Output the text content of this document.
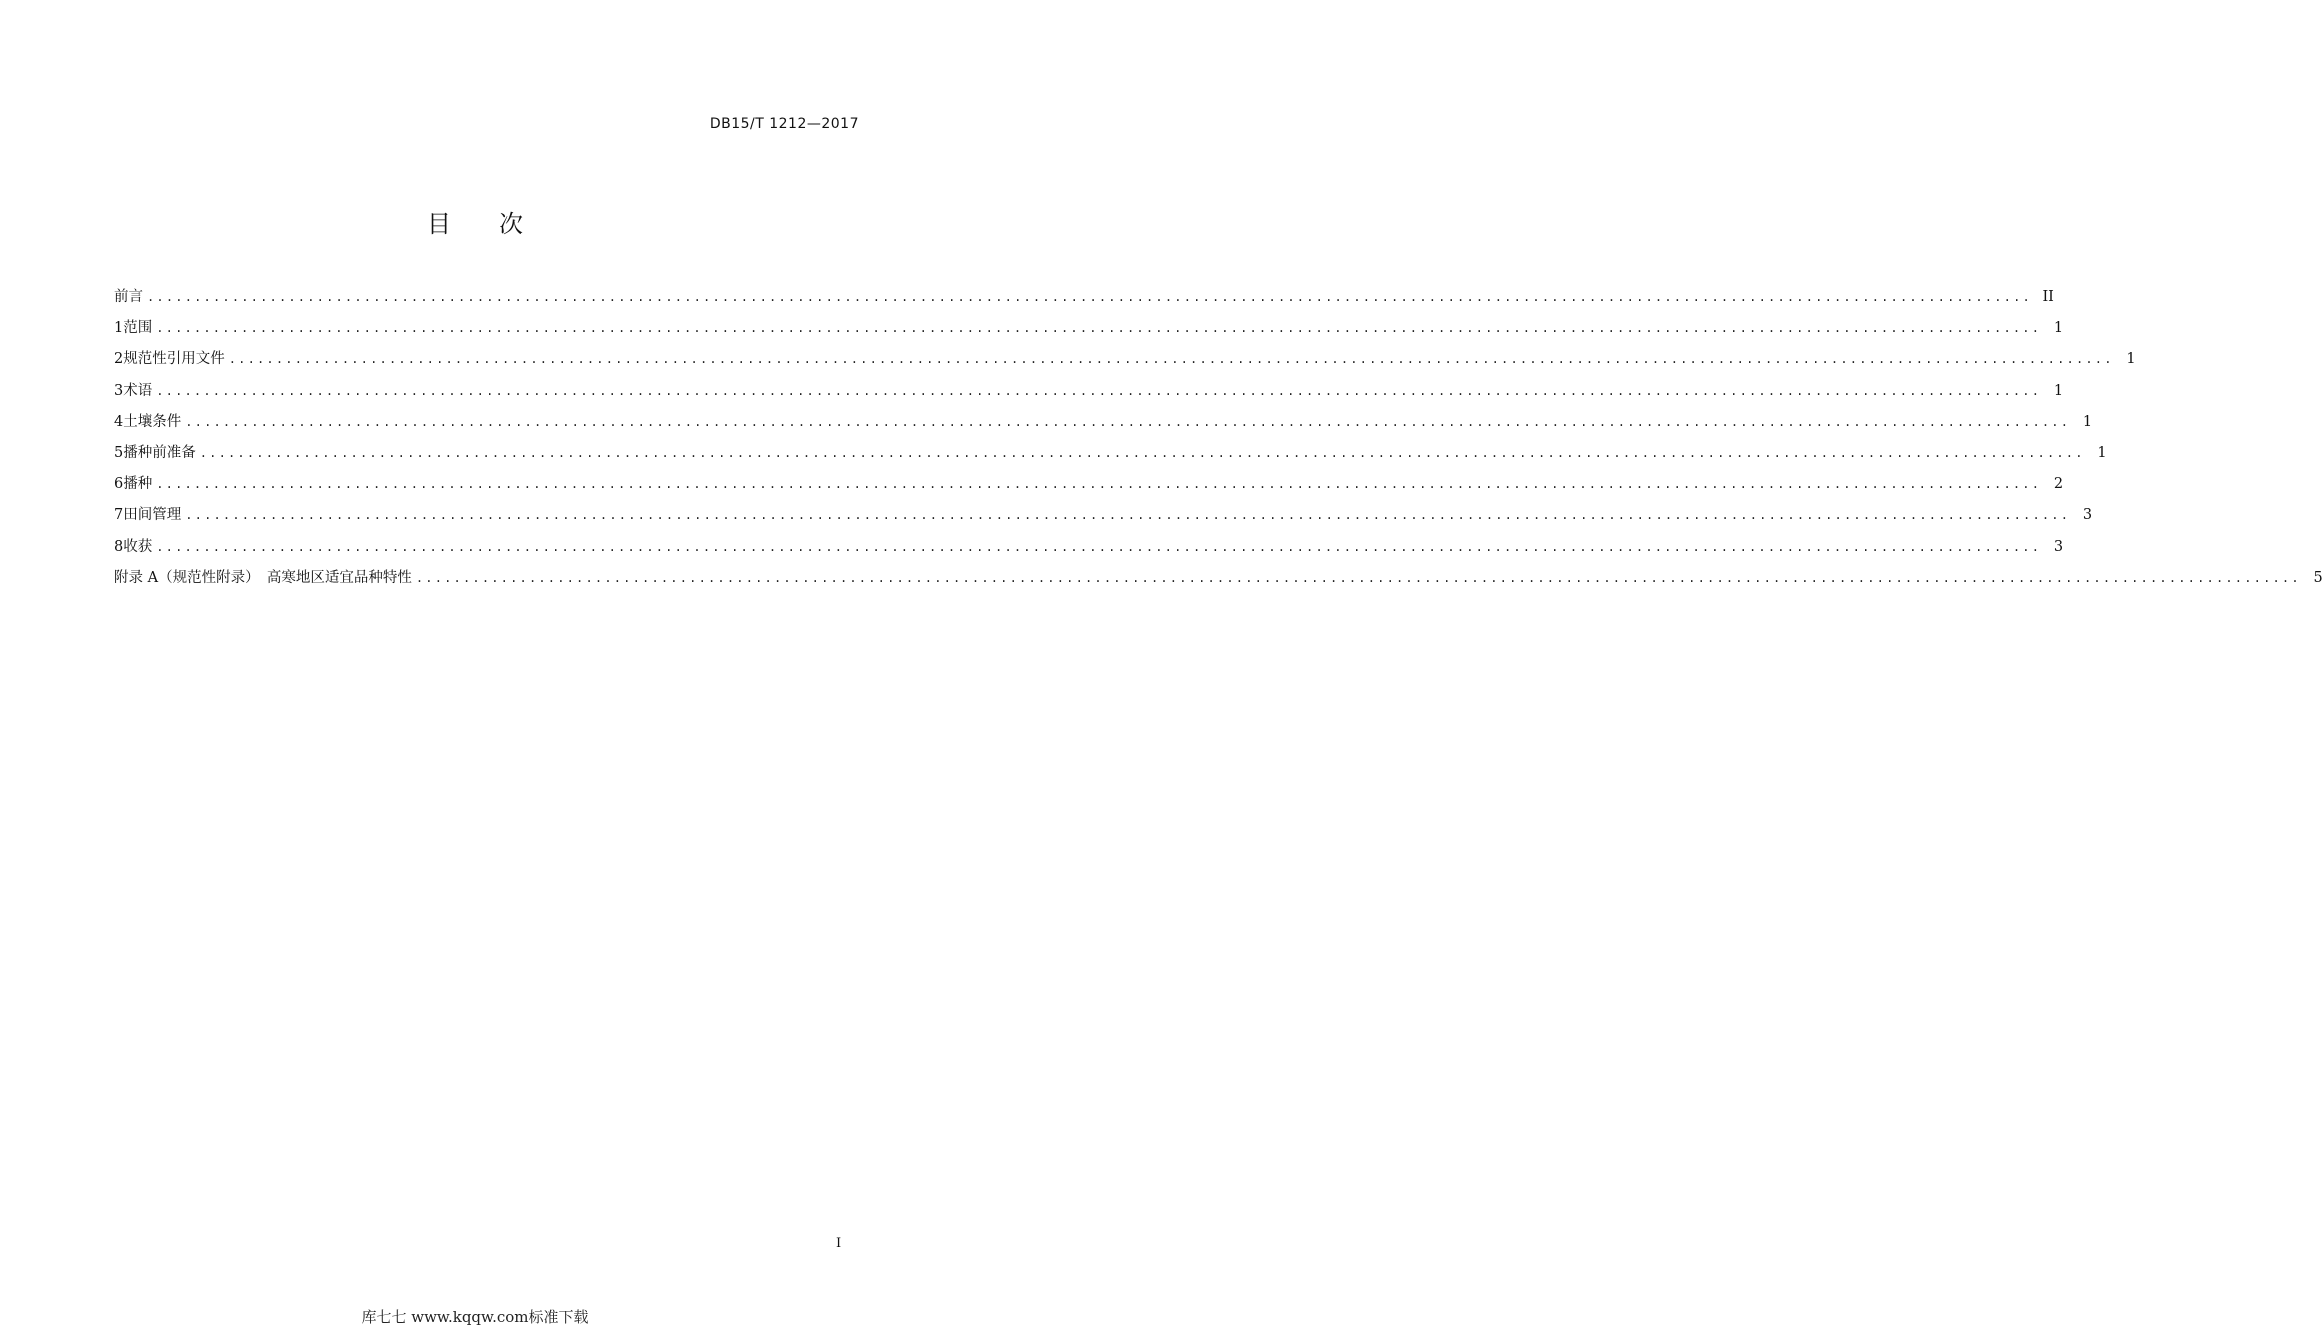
DB15/T 1212—2017
目次
前言 ........................................................................................................................................................................................................ II
1 范围 ........................................................................................................................................................................................................ 1
2 规范性引用文件 ........................................................................................................................................................................................................ 1
3 术语 ........................................................................................................................................................................................................ 1
4 土壤条件 ........................................................................................................................................................................................................ 1
5 播种前准备 ........................................................................................................................................................................................................ 1
6 播种 ........................................................................................................................................................................................................ 2
7 田间管理 ........................................................................................................................................................................................................ 3
8 收获 ........................................................................................................................................................................................................ 3
附录 A（规范性附录）　高寒地区适宜品种特性 ........................................................................................................................................................................................................ 5
I
库七七 www.kqqw.com标准下载
